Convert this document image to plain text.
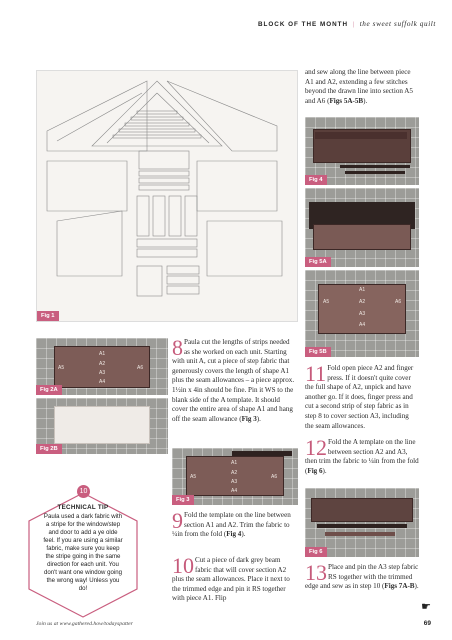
BLOCK OF THE MONTH | the sweet suffolk quilt
Fig 1
and sew along the line between piece A1 and A2, extending a few stitches beyond the drawn line into section A5 and A6 (Figs 5A-5B).
Fig 4
Fig 5A
A1
A2
A3
A4
A5	A6
Fig 5B
A1
A2
A3
A4
A5	A6
Fig 2A
Fig 2B
8 Paula cut the lengths of strips needed as she worked on each unit. Starting with unit A, cut a piece of step fabric that generously covers the length of shape A1 plus the seam allowances – a piece approx. 1½in x 4in should be fine. Pin it WS to the blank side of the A template. It should cover the entire area of shape A1 and hang off the seam allowance (Fig 3).
A1
A2
A3
A4
A5	A6
Fig 3
9 Fold the template on the line between section A1 and A2. Trim the fabric to ¼in from the fold (Fig 4).
10 Cut a piece of dark grey beam fabric that will cover section A2 plus the seam allowances. Place it next to the trimmed edge and pin it RS together with piece A1. Flip
11 Fold open piece A2 and finger press. If it doesn't quite cover the full shape of A2, unpick and have another go. If it does, finger press and cut a second strip of step fabric as in step 8 to cover section A3, including the seam allowances.
12 Fold the A template on the line between section A2 and A3, then trim the fabric to ¼in from the fold (Fig 6).
Fig 6
13 Place and pin the A3 step fabric RS together with the trimmed edge and sew as in step 10 (Figs 7A-B).
10
TECHNICAL TIP
Paula used a dark fabric with a stripe for the window/step and door to add a ye olde feel. If you are using a similar fabric, make sure you keep the stripe going in the same direction for each unit. You don't want one window going the wrong way! Unless you do!
Join us at www.gathered.how/todayspatter
☛
69
